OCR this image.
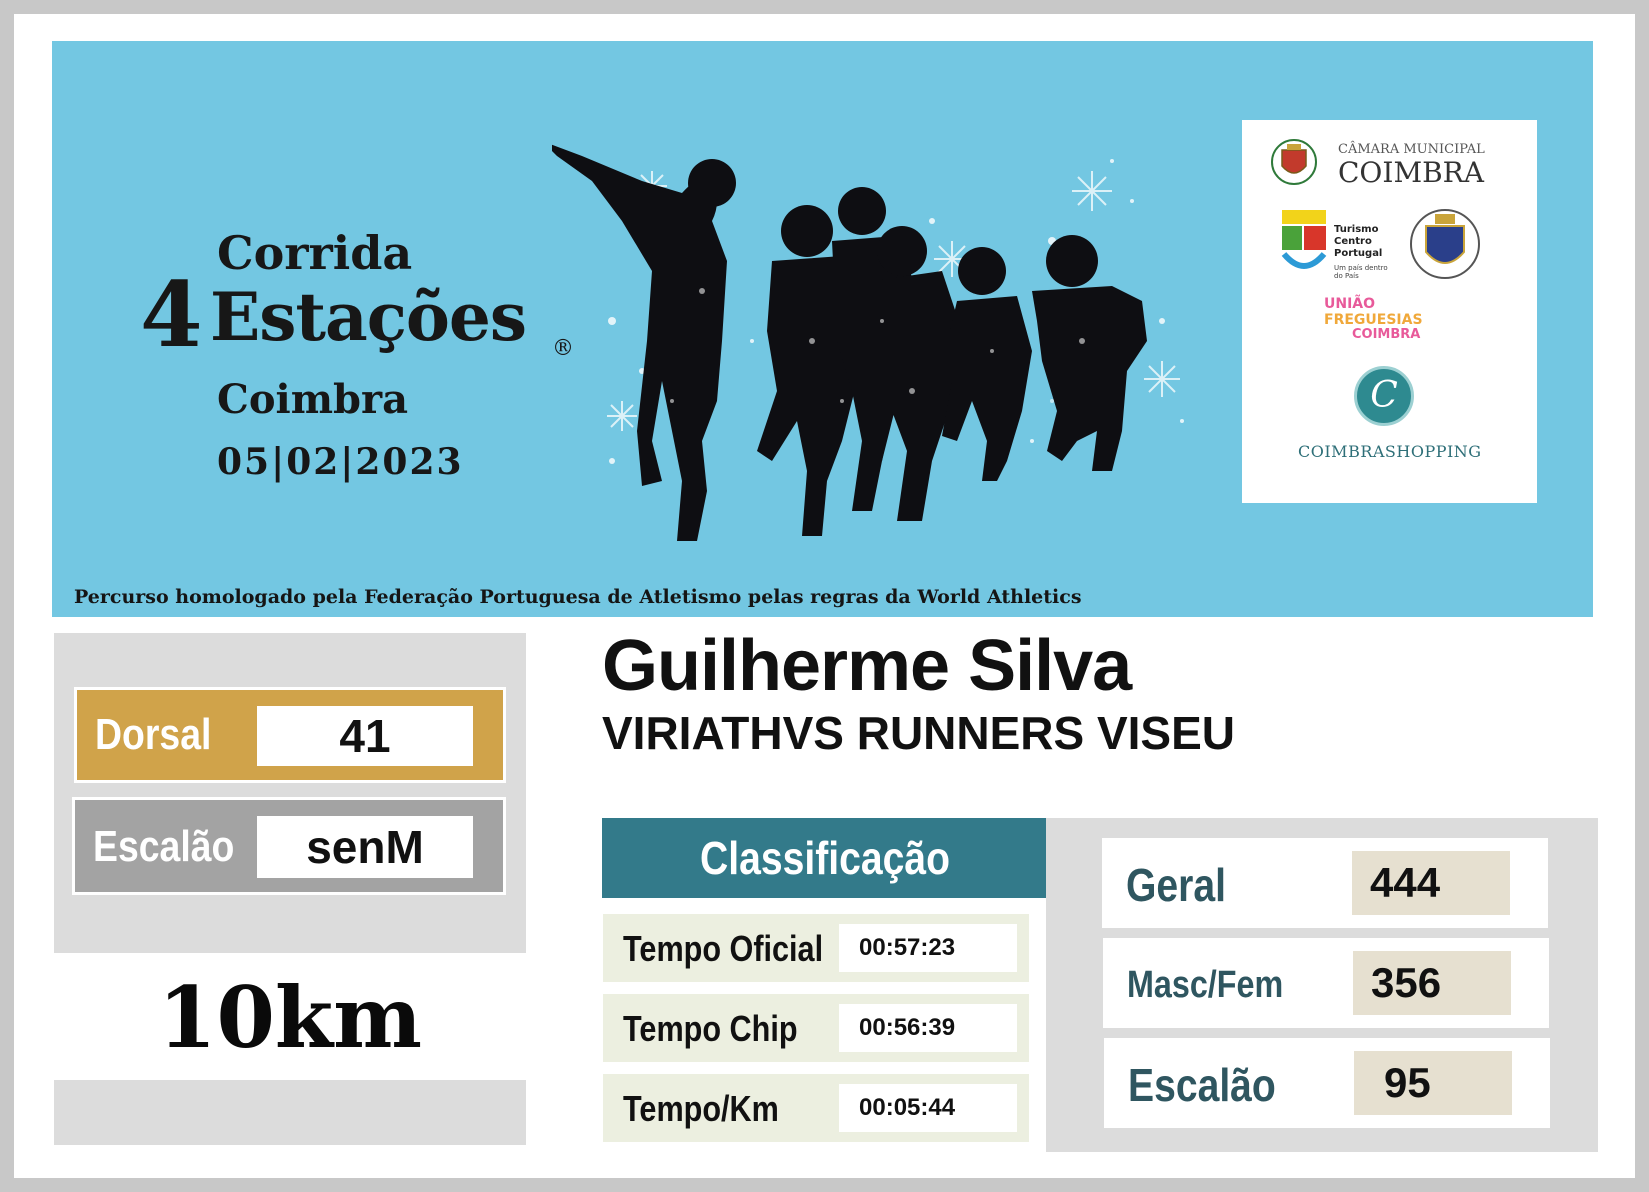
Corrida
4 Estações ®
Coimbra
05|02|2023
CÂMARA MUNICIPAL
COIMBRA
Turismo
Centro
Portugal
Um país dentro do País
UNIÃO
FREGUESIAS
COIMBRA
C
COIMBRASHOPPING
Percurso homologado pela Federação Portuguesa de Atletismo pelas regras da World Athletics
Dorsal	41
Escalão	senM
10km
Guilherme Silva
VIRIATHVS RUNNERS VISEU
Classificação
Tempo Oficial	00:57:23
Tempo Chip	00:56:39
Tempo/Km	00:05:44
Geral	444
Masc/Fem	356
Escalão	95
